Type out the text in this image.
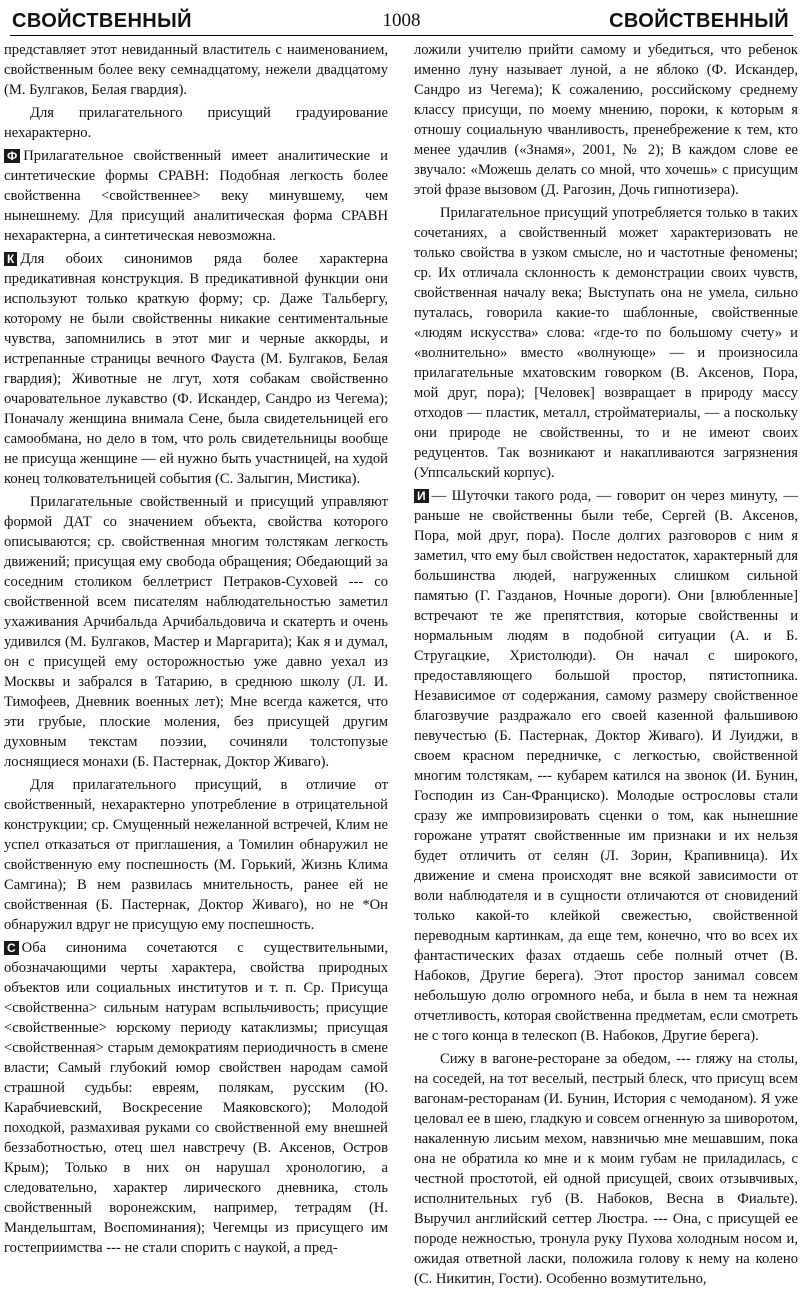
СВОЙСТВЕННЫЙ	1008	СВОЙСТВЕННЫЙ

представляет этот невиданный властитель с наименованием, свойственным более веку семнадцатому, нежели двадцатому (М. Булгаков, Белая гвардия).

Для прилагательного присущий градуирование нехарактерно.

Ф Прилагательное свойственный имеет аналитические и синтетические формы СРАВН: Подобная легкость более свойственна <свойственнее> веку минувшему, чем нынешнему. Для присущий аналитическая форма СРАВН нехарактерна, а синтетическая невозможна.

К Для обоих синонимов ряда более характерна предикативная конструкция. В предикативной функции они используют только краткую форму; ср. Даже Тальбергу, которому не были свойственны никакие сентиментальные чувства, запомнились в этот миг и черные аккорды, и истрепанные страницы вечного Фауста (М. Булгаков, Белая гвардия); Животные не лгут, хотя собакам свойственно очаровательное лукавство (Ф. Искандер, Сандро из Чегема); Поначалу женщина внимала Сене, была свидетельницей его самообмана, но дело в том, что роль свидетельницы вообще не присуща женщине — ей нужно быть участницей, на худой конец толкователъницей события (С. Залыгин, Мистика).

Прилагательные свойственный и присущий управляют формой ДАТ со значением объекта, свойства которого описываются; ср. свойственная многим толстякам легкость движений; присущая ему свобода обращения; Обедающий за соседним столиком беллетрист Петраков-Суховей --- со свойственной всем писателям наблюдательностью заметил ухаживания Арчибальда Арчибальдовича и скатерть и очень удивился (М. Булгаков, Мастер и Маргарита); Как я и думал, он с присущей ему осторожностью уже давно уехал из Москвы и забрался в Татарию, в среднюю школу (Л. И. Тимофеев, Дневник военных лет); Мне всегда кажется, что эти грубые, плоские моления, без присущей другим духовным текстам поэзии, сочиняли толстопузые лоснящиеся монахи (Б. Пастернак, Доктор Живаго).

Для прилагательного присущий, в отличие от свойственный, нехарактерно употребление в отрицательной конструкции; ср. Смущенный нежеланной встречей, Клим не успел отказаться от приглашения, а Томилин обнаружил не свойственную ему поспешность (М. Горький, Жизнь Клима Самгина); В нем развилась мнительность, ранее ей не свойственная (Б. Пастернак, Доктор Живаго), но не *Он обнаружил вдруг не присущую ему поспешность.

С Оба синонима сочетаются с существительными, обозначающими черты характера, свойства природных объектов или социальных институтов и т. п. Ср. Присуща <свойственна> сильным натурам вспыльчивость; присущие <свойственные> юрскому периоду катаклизмы; присущая <свойственная> старым демократиям периодичность в смене власти; Самый глубокий юмор свойствен народам самой страшной судьбы: евреям, полякам, русским (Ю. Карабчиевский, Воскресение Маяковского); Молодой походкой, размахивая руками со свойственной ему внешней беззаботностью, отец шел навстречу (В. Аксенов, Остров Крым); Только в них он нарушал хронологию, а следовательно, характер лирического дневника, столь свойственный воронежским, например, тетрадям (Н. Мандельштам, Воспоминания); Чегемцы из присущего им гостеприимства --- не стали спорить с наукой, а пред-

ложили учителю прийти самому и убедиться, что ребенок именно луну называет луной, а не яблоко (Ф. Искандер, Сандро из Чегема); К сожалению, российскому среднему классу присущи, по моему мнению, пороки, к которым я отношу социальную чванливость, пренебрежение к тем, кто менее удачлив («Знамя», 2001, № 2); В каждом слове ее звучало: «Можешь делать со мной, что хочешь» с присущим этой фразе вызовом (Д. Рагозин, Дочь гипнотизера).

Прилагательное присущий употребляется только в таких сочетаниях, а свойственный может характеризовать не только свойства в узком смысле, но и частотные феномены; ср. Их отличала склонность к демонстрации своих чувств, свойственная началу века; Выступать она не умела, сильно путалась, говорила какие-то шаблонные, свойственные «людям искусства» слова: «где-то по большому счету» и «волнительно» вместо «волнующе» — и произносила прилагательные мхатовским говорком (В. Аксенов, Пора, мой друг, пора); [Человек] возвращает в природу массу отходов — пластик, металл, стройматериалы, — а поскольку они природе не свойственны, то и не имеют своих редуцентов. Так возникают и накапливаются загрязнения (Уппсальский корпус).

И — Шуточки такого рода, — говорит он через минуту, — раньше не свойственны были тебе, Сергей (В. Аксенов, Пора, мой друг, пора). После долгих разговоров с ним я заметил, что ему был свойствен недостаток, характерный для большинства людей, нагруженных слишком сильной памятью (Г. Газданов, Ночные дороги). Они [влюбленные] встречают те же препятствия, которые свойственны и нормальным людям в подобной ситуации (А. и Б. Стругацкие, Христолюди). Он начал с широкого, предоставляющего большой простор, пятистопника. Независимое от содержания, самому размеру свойственное благозвучие раздражало его своей казенной фальшивою певучестью (Б. Пастернак, Доктор Живаго). И Луиджи, в своем красном передничке, с легкостью, свойственной многим толстякам, --- кубарем катился на звонок (И. Бунин, Господин из Сан-Франциско). Молодые острословы стали сразу же импровизировать сценки о том, как нынешние горожане утратят свойственные им признаки и их нельзя будет отличить от селян (Л. Зорин, Крапивница). Их движение и смена происходят вне всякой зависимости от воли наблюдателя и в сущности отличаются от сновидений только какой-то клейкой свежестью, свойственной переводным картинкам, да еще тем, конечно, что во всех их фантастических фазах отдаешь себе полный отчет (В. Набоков, Другие берега). Этот простор занимал совсем небольшую долю огромного неба, и была в нем та нежная отчетливость, которая свойственна предметам, если смотреть не с того конца в телескоп (В. Набоков, Другие берега).

Сижу в вагоне-ресторане за обедом, --- гляжу на столы, на соседей, на тот веселый, пестрый блеск, что присущ всем вагонам-ресторанам (И. Бунин, История с чемоданом). Я уже целовал ее в шею, гладкую и совсем огненную за шиворотом, накаленную лисьим мехом, навзничью мне мешавшим, пока она не обратила ко мне и к моим губам не приладилась, с честной простотой, ей одной присущей, своих отзывчивых, исполнительных губ (В. Набоков, Весна в Фиальте). Выручил английский сеттер Люстра. --- Она, с присущей ее породе нежностью, тронула руку Пухова холодным носом и, ожидая ответной ласки, положила голову к нему на колено (С. Никитин, Гости). Особенно возмутительно,
